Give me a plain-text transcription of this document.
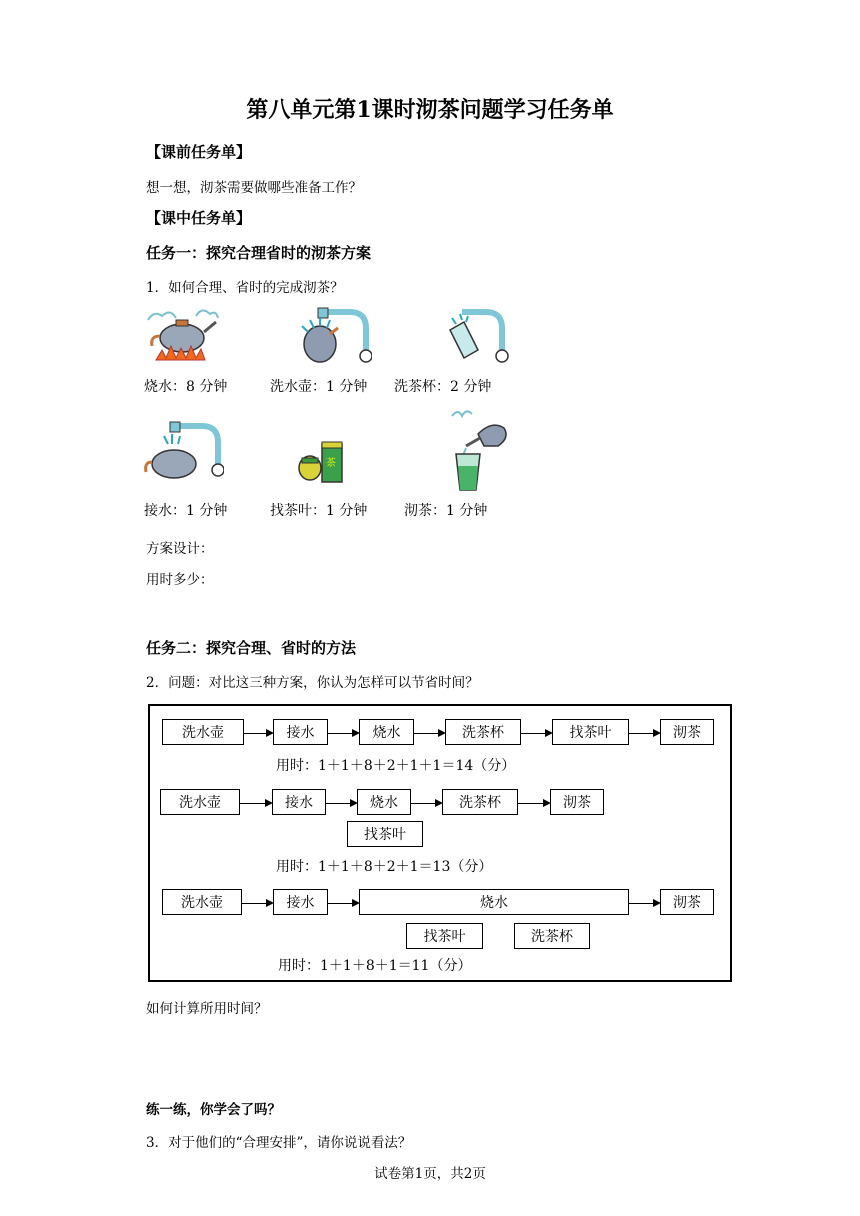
第八单元第1课时沏茶问题学习任务单
【课前任务单】
想一想，沏茶需要做哪些准备工作？
【课中任务单】
任务一：探究合理省时的沏茶方案
1．如何合理、省时的完成沏茶？
烧水：8 分钟	洗水壶：1 分钟 洗茶杯：2 分钟
茶
接水：1 分钟	找茶叶：1 分钟	沏茶：1 分钟
方案设计：
用时多少：
任务二：探究合理、省时的方法
2．问题：对比这三种方案，你认为怎样可以节省时间？
洗水壶	接水	烧水	洗茶杯	找茶叶	沏茶
用时：1＋1＋8＋2＋1＋1＝14（分）
洗水壶	接水	烧水	洗茶杯	沏茶
找茶叶
用时：1＋1＋8＋2＋1＝13（分）
洗水壶	接水	烧水	沏茶
找茶叶	洗茶杯
用时：1＋1＋8＋1＝11（分）
如何计算所用时间？
练一练，你学会了吗？
3．对于他们的“合理安排”，请你说说看法？
试卷第1页，共2页
